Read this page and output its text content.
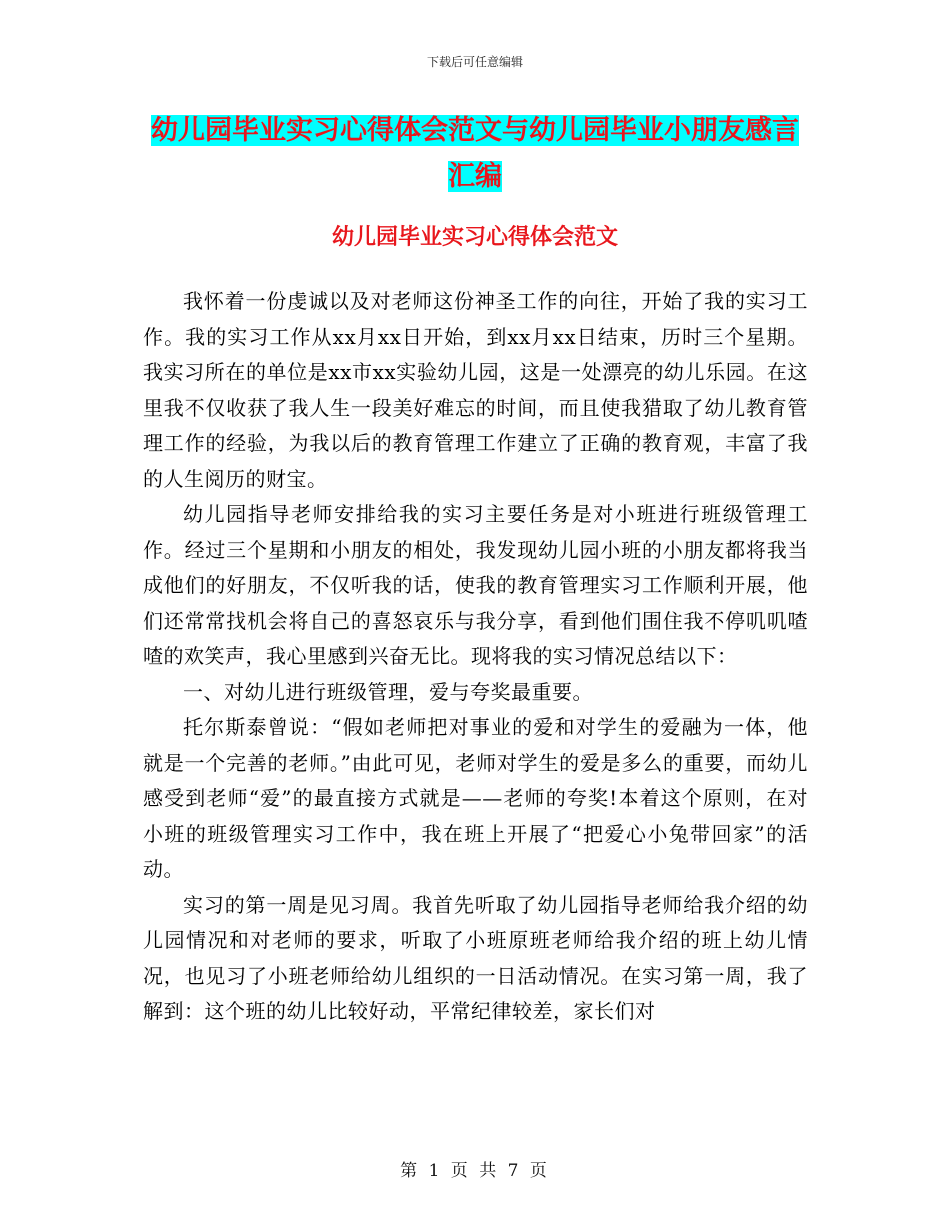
下载后可任意编辑
幼儿园毕业实习心得体会范文与幼儿园毕业小朋友感言汇编
幼儿园毕业实习心得体会范文

我怀着一份虔诚以及对老师这份神圣工作的向往，开始了我的实习工作。我的实习工作从xx月xx日开始，到xx月xx日结束，历时三个星期。我实习所在的单位是xx市xx实验幼儿园，这是一处漂亮的幼儿乐园。在这里我不仅收获了我人生一段美好难忘的时间，而且使我猎取了幼儿教育管理工作的经验，为我以后的教育管理工作建立了正确的教育观，丰富了我的人生阅历的财宝。

幼儿园指导老师安排给我的实习主要任务是对小班进行班级管理工作。经过三个星期和小朋友的相处，我发现幼儿园小班的小朋友都将我当成他们的好朋友，不仅听我的话，使我的教育管理实习工作顺利开展，他们还常常找机会将自己的喜怒哀乐与我分享，看到他们围住我不停叽叽喳喳的欢笑声，我心里感到兴奋无比。现将我的实习情况总结以下：

一、对幼儿进行班级管理，爱与夸奖最重要。

托尔斯泰曾说：“假如老师把对事业的爱和对学生的爱融为一体，他就是一个完善的老师。”由此可见，老师对学生的爱是多么的重要，而幼儿感受到老师“爱”的最直接方式就是——老师的夸奖!本着这个原则，在对小班的班级管理实习工作中，我在班上开展了“把爱心小兔带回家”的活动。

实习的第一周是见习周。我首先听取了幼儿园指导老师给我介绍的幼儿园情况和对老师的要求，听取了小班原班老师给我介绍的班上幼儿情况，也见习了小班老师给幼儿组织的一日活动情况。在实习第一周，我了解到：这个班的幼儿比较好动，平常纪律较差，家长们对

第 1 页 共 7 页
